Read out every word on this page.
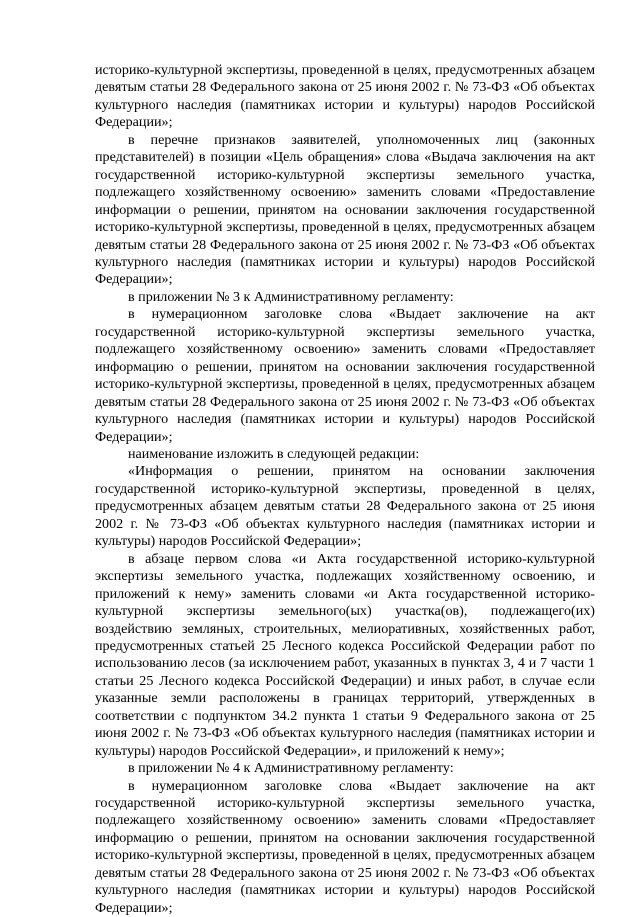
историко-культурной экспертизы, проведенной в целях, предусмотренных абзацем девятым статьи 28 Федерального закона от 25 июня 2002 г. № 73-ФЗ «Об объектах культурного наследия (памятниках истории и культуры) народов Российской Федерации»;

в перечне признаков заявителей, уполномоченных лиц (законных представителей) в позиции «Цель обращения» слова «Выдача заключения на акт государственной историко-культурной экспертизы земельного участка, подлежащего хозяйственному освоению» заменить словами «Предоставление информации о решении, принятом на основании заключения государственной историко-культурной экспертизы, проведенной в целях, предусмотренных абзацем девятым статьи 28 Федерального закона от 25 июня 2002 г. № 73-ФЗ «Об объектах культурного наследия (памятниках истории и культуры) народов Российской Федерации»;

в приложении № 3 к Административному регламенту:

в нумерационном заголовке слова «Выдает заключение на акт государственной историко-культурной экспертизы земельного участка, подлежащего хозяйственному освоению» заменить словами «Предоставляет информацию о решении, принятом на основании заключения государственной историко-культурной экспертизы, проведенной в целях, предусмотренных абзацем девятым статьи 28 Федерального закона от 25 июня 2002 г. № 73-ФЗ «Об объектах культурного наследия (памятниках истории и культуры) народов Российской Федерации»;

наименование изложить в следующей редакции:

«Информация о решении, принятом на основании заключения государственной историко-культурной экспертизы, проведенной в целях, предусмотренных абзацем девятым статьи 28 Федерального закона от 25 июня 2002 г. № 73-ФЗ «Об объектах культурного наследия (памятниках истории и культуры) народов Российской Федерации»;

в абзаце первом слова «и Акта государственной историко-культурной экспертизы земельного участка, подлежащих хозяйственному освоению, и приложений к нему» заменить словами «и Акта государственной историко-культурной экспертизы земельного(ых) участка(ов), подлежащего(их) воздействию земляных, строительных, мелиоративных, хозяйственных работ, предусмотренных статьей 25 Лесного кодекса Российской Федерации работ по использованию лесов (за исключением работ, указанных в пунктах 3, 4 и 7 части 1 статьи 25 Лесного кодекса Российской Федерации) и иных работ, в случае если указанные земли расположены в границах территорий, утвержденных в соответствии с подпунктом 34.2 пункта 1 статьи 9 Федерального закона от 25 июня 2002 г. № 73-ФЗ «Об объектах культурного наследия (памятниках истории и культуры) народов Российской Федерации», и приложений к нему»;

в приложении № 4 к Административному регламенту:

в нумерационном заголовке слова «Выдает заключение на акт государственной историко-культурной экспертизы земельного участка, подлежащего хозяйственному освоению» заменить словами «Предоставляет информацию о решении, принятом на основании заключения государственной историко-культурной экспертизы, проведенной в целях, предусмотренных абзацем девятым статьи 28 Федерального закона от 25 июня 2002 г. № 73-ФЗ «Об объектах культурного наследия (памятниках истории и культуры) народов Российской Федерации»;
